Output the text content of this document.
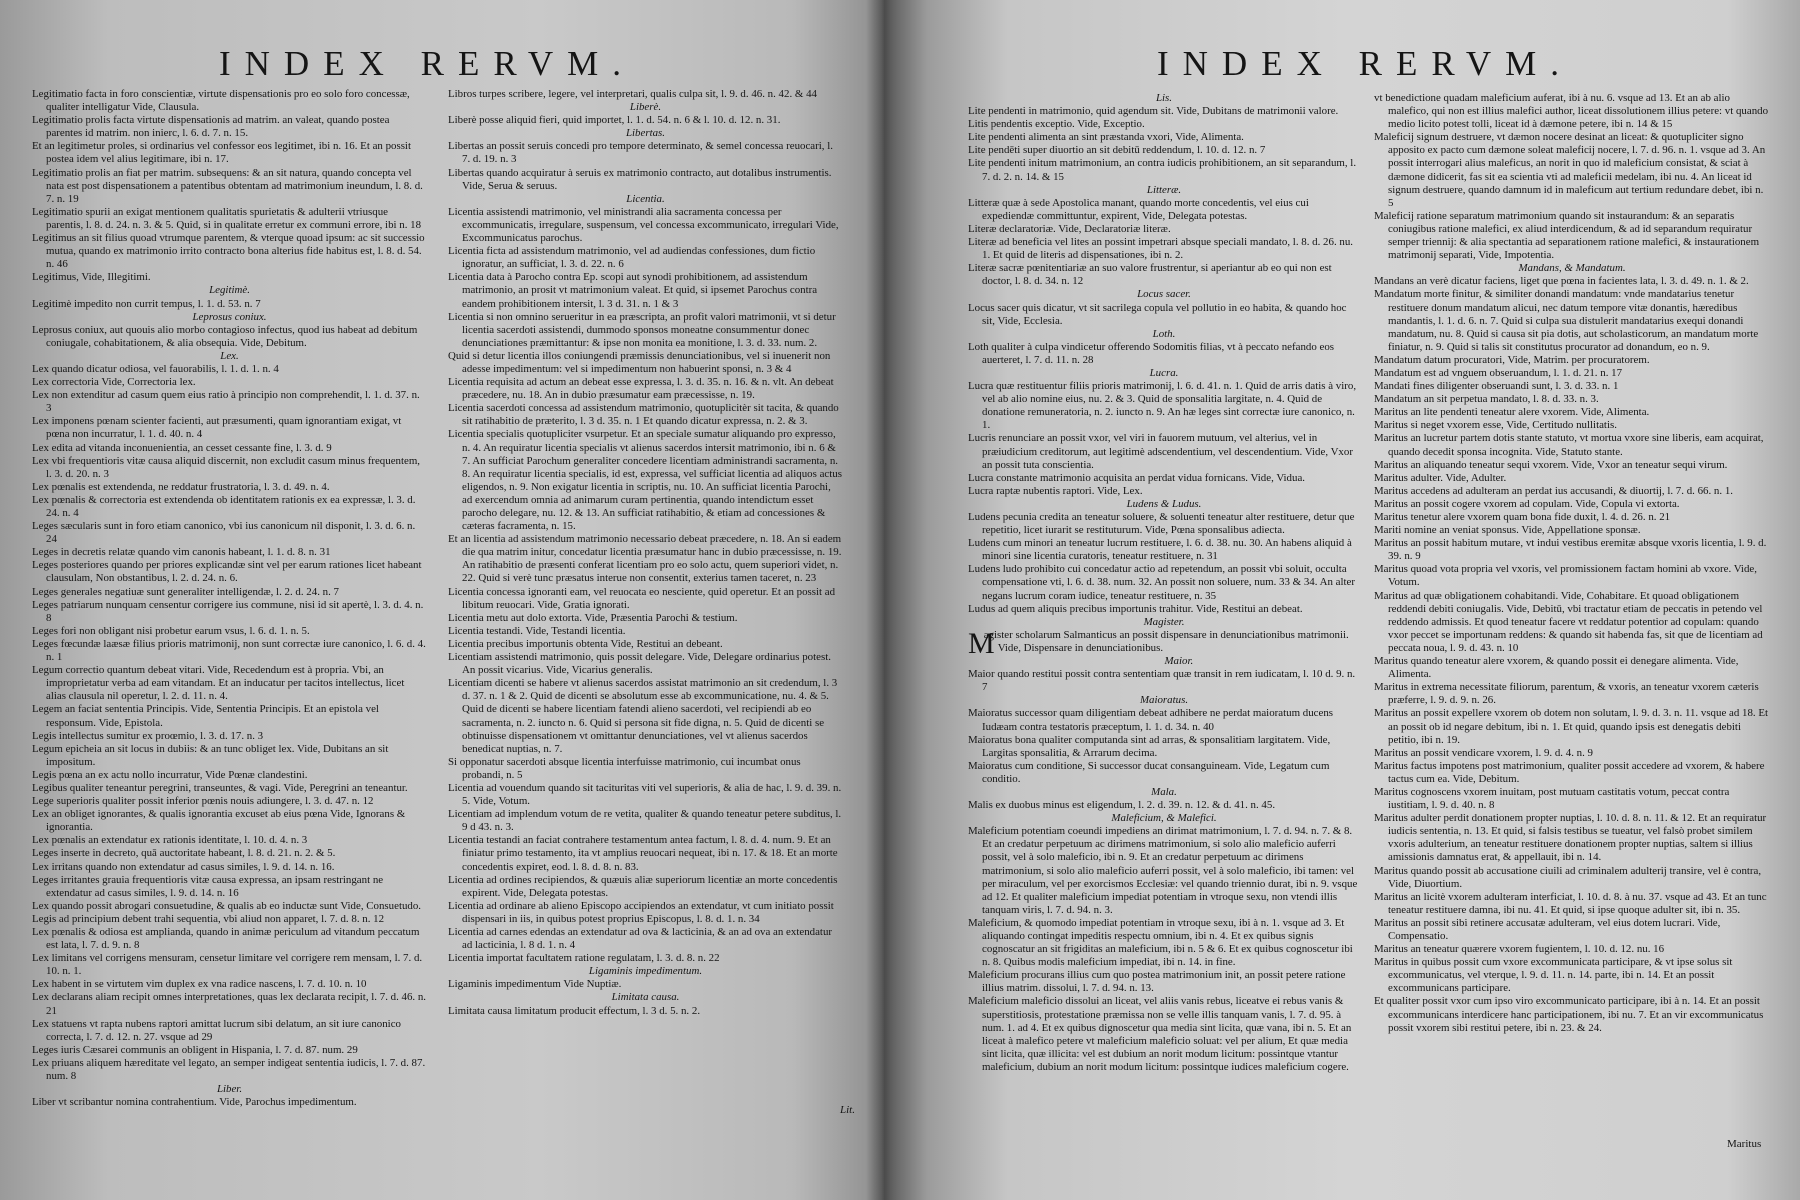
INDEX RERVM.
Legitimatio facta in foro conscientiæ, virtute dispensationis pro eo solo foro concessæ, qualiter intelligatur Vide, Clausula.
Legitimatio prolis facta virtute dispensationis ad matrim. an valeat, quando postea parentes id matrim. non inierc, l. 6. d. 7. n. 15.
Et an legitimetur proles, si ordinarius vel confessor eos legitimet, ibi n. 16. Et an possit postea idem vel alius legitimare, ibi n. 17.
Legitimatio prolis an fiat per matrim. subsequens: & an sit natura, quando concepta vel nata est post dispensationem a patentibus obtentam ad matrimonium ineundum, l. 8. d. 7. n. 19
Legitimatio spurii an exigat mentionem qualitatis spurietatis & adulterii vtriusque parentis, l. 8. d. 24. n. 3. & 5. Quid, si in qualitate erretur ex communi errore, ibi n. 18
Legitimus an sit filius quoad vtrumque parentem, & vterque quoad ipsum: ac sit successio mutua, quando ex matrimonio irrito contracto bona alterius fide habitus est, l. 8. d. 54. n. 46
Legitimus, Vide, Illegitimi.
Legitimè.
Legitimè impedito non currit tempus, l. 1. d. 53. n. 7
Leprosus coniux.
Leprosus coniux, aut quouis alio morbo contagioso infectus, quod ius habeat ad debitum coniugale, cohabitationem, & alia obsequia. Vide, Debitum.
Lex.
Lex quando dicatur odiosa, vel fauorabilis, l. 1. d. 1. n. 4
Lex correctoria Vide, Correctoria lex.
Lex non extenditur ad casum quem eius ratio à principio non comprehendit, l. 1. d. 37. n. 3
Lex imponens pœnam scienter facienti, aut præsumenti, quam ignorantiam exigat, vt pœna non incurratur, l. 1. d. 40. n. 4
Lex edita ad vitanda inconuenientia, an cesset cessante fine, l. 3. d. 9
Lex vbi frequentioris vitæ causa aliquid discernit, non excludit casum minus frequentem, l. 3. d. 20. n. 3
Lex pœnalis est extendenda, ne reddatur frustratoria, l. 3. d. 49. n. 4.
Lex pœnalis & correctoria est extendenda ob identitatem rationis ex ea expressæ, l. 3. d. 24. n. 4
Leges sæcularis sunt in foro etiam canonico, vbi ius canonicum nil disponit, l. 3. d. 6. n. 24
Leges in decretis relatæ quando vim canonis habeant, l. 1. d. 8. n. 31
Leges posteriores quando per priores explicandæ sint vel per earum rationes licet habeant clausulam, Non obstantibus, l. 2. d. 24. n. 6.
Leges generales negatiuæ sunt generaliter intelligendæ, l. 2. d. 24. n. 7
Leges patriarum nunquam censentur corrigere ius commune, nisi id sit apertè, l. 3. d. 4. n. 8
Leges fori non obligant nisi probetur earum vsus, l. 6. d. 1. n. 5.
Leges fœcundæ laæsæ filius prioris matrimonij, non sunt correctæ iure canonico, l. 6. d. 4. n. 1
Legum correctio quantum debeat vitari. Vide, Recedendum est à propria. Vbi, an improprietatur verba ad eam vitandam. Et an inducatur per tacitos intellectus, licet alias clausula nil operetur, l. 2. d. 11. n. 4.
Legem an faciat sententia Principis. Vide, Sententia Principis. Et an epistola vel responsum. Vide, Epistola.
Legis intellectus sumitur ex proœmio, l. 3. d. 17. n. 3
Legum epicheia an sit locus in dubiis: & an tunc obliget lex. Vide, Dubitans an sit impositum.
Legis pœna an ex actu nollo incurratur, Vide Pœnæ clandestini.
Legibus qualiter teneantur peregrini, transeuntes, & vagi. Vide, Peregrini an teneantur.
Lege superioris qualiter possit inferior pœnis nouis adiungere, l. 3. d. 47. n. 12
Lex an obliget ignorantes, & qualis ignorantia excuset ab eius pœna Vide, Ignorans & ignorantia.
Lex pœnalis an extendatur ex rationis identitate, l. 10. d. 4. n. 3
Leges inserte in decreto, quā auctoritate habeant, l. 8. d. 21. n. 2. & 5.
Lex irritans quando non extendatur ad casus similes, l. 9. d. 14. n. 16.
Leges irritantes grauia frequentioris vitæ causa expressa, an ipsam restringant ne extendatur ad casus similes, l. 9. d. 14. n. 16
Lex quando possit abrogari consuetudine, & qualis ab eo inductæ sunt Vide, Consuetudo.
Legis ad principium debent trahi sequentia, vbi aliud non apparet, l. 7. d. 8. n. 12
Lex pœnalis & odiosa est amplianda, quando in animæ periculum ad vitandum peccatum est lata, l. 7. d. 9. n. 8
Lex limitans vel corrigens mensuram, censetur limitare vel corrigere rem mensam, l. 7. d. 10. n. 1.
Lex habent in se virtutem vim duplex ex vna radice nascens, l. 7. d. 10. n. 10
Lex declarans aliam recipit omnes interpretationes, quas lex declarata recipit, l. 7. d. 46. n. 21
Lex statuens vt rapta nubens raptori amittat lucrum sibi delatum, an sit iure canonico correcta, l. 7. d. 12. n. 27. vsque ad 29
Leges iuris Cæsarei communis an obligent in Hispania, l. 7. d. 87. num. 29
Lex priuans aliquem hæreditate vel legato, an semper indigeat sententia iudicis, l. 7. d. 87. num. 8
Liber.
Liber vt scribantur nomina contrahentium. Vide, Parochus impedimentum.
Libros turpes scribere, legere, vel interpretari, qualis culpa sit, l. 9. d. 46. n. 42. & 44
Liberè.
Liberè posse aliquid fieri, quid importet, l. 1. d. 54. n. 6 & l. 10. d. 12. n. 31.
Libertas.
Libertas an possit seruis concedi pro tempore determinato, & semel concessa reuocari, l. 7. d. 19. n. 3
Libertas quando acquiratur à seruis ex matrimonio contracto, aut dotalibus instrumentis. Vide, Serua & seruus.
Licentia.
Licentia assistendi matrimonio, vel ministrandi alia sacramenta concessa per excommunicatis, irregulare, suspensum, vel concessa excommunicato, irregulari Vide, Excommunicatus parochus.
Licentia ficta ad assistendum matrimonio, vel ad audiendas confessiones, dum fictio ignoratur, an sufficiat, l. 3. d. 22. n. 6
Licentia data à Parocho contra Ep. scopi aut synodi prohibitionem, ad assistendum matrimonio, an prosit vt matrimonium valeat. Et quid, si ipsemet Parochus contra eandem prohibitionem intersit, l. 3 d. 31. n. 1 & 3
Licentia si non omnino serueritur in ea præscripta, an profit valori matrimonii, vt si detur licentia sacerdoti assistendi, dummodo sponsos moneatne consummentur donec denunciationes præmittantur: & ipse non monita ea monitione, l. 3. d. 33. num. 2.
Quid si detur licentia illos coniungendi præmissis denunciationibus, vel si inuenerit non adesse impedimentum: vel si impedimentum non habuerint sponsi, n. 3 & 4
Licentia requisita ad actum an debeat esse expressa, l. 3. d. 35. n. 16. & n. vlt. An debeat præcedere, nu. 18. An in dubio præsumatur eam præcessisse, n. 19.
Licentia sacerdoti concessa ad assistendum matrimonio, quotuplicitèr sit tacita, & quando sit ratihabitio de præterito, l. 3 d. 35. n. 1 Et quando dicatur expressa, n. 2. & 3.
Licentia specialis quotupliciter vsurpetur. Et an speciale sumatur aliquando pro expresso, n. 4. An requiratur licentia specialis vt alienus sacerdos intersit matrimonio, ibi n. 6 & 7. An sufficiat Parochum generaliter concedere licentiam administrandi sacramenta, n. 8. An requiratur licentia specialis, id est, expressa, vel sufficiat licentia ad aliquos actus eligendos, n. 9. Non exigatur licentia in scriptis, nu. 10. An sufficiat licentia Parochi, ad exercendum omnia ad animarum curam pertinentia, quando intendictum esset parocho delegare, nu. 12. & 13. An sufficiat ratihabitio, & etiam ad concessiones & cæteras facramenta, n. 15.
Et an licentia ad assistendum matrimonio necessario debeat præcedere, n. 18. An si eadem die qua matrim initur, concedatur licentia præsumatur hanc in dubio præcessisse, n. 19. An ratihabitio de præsenti conferat licentiam pro eo solo actu, quem superiori videt, n. 22. Quid si verè tunc præsatus interue non consentit, exterius tamen taceret, n. 23
Licentia concessa ignoranti eam, vel reuocata eo nesciente, quid operetur. Et an possit ad libitum reuocari. Vide, Gratia ignorati.
Licentia metu aut dolo extorta. Vide, Præsentia Parochi & testium.
Licentia testandi. Vide, Testandi licentia.
Licentia precibus importunis obtenta Vide, Restitui an debeant.
Licentiam assistendi matrimonio, quis possit delegare. Vide, Delegare ordinarius potest. An possit vicarius. Vide, Vicarius generalis.
Licentiam dicenti se habere vt alienus sacerdos assistat matrimonio an sit credendum, l. 3 d. 37. n. 1 & 2. Quid de dicenti se absolutum esse ab excommunicatione, nu. 4. & 5. Quid de dicenti se habere licentiam fatendi alieno sacerdoti, vel recipiendi ab eo sacramenta, n. 2. iuncto n. 6. Quid si persona sit fide digna, n. 5. Quid de dicenti se obtinuisse dispensationem vt omittantur denunciationes, vel vt alienus sacerdos benedicat nuptias, n. 7.
Si opponatur sacerdoti absque licentia interfuisse matrimonio, cui incumbat onus probandi, n. 5
Licentia ad vouendum quando sit tacituritas viti vel superioris, & alia de hac, l. 9. d. 39. n. 5. Vide, Votum.
Licentiam ad implendum votum de re vetita, qualiter & quando teneatur petere subditus, l. 9 d 43. n. 3.
Licentia testandi an faciat contrahere testamentum antea factum, l. 8. d. 4. num. 9. Et an finiatur primo testamento, ita vt amplius reuocari nequeat, ibi n. 17. & 18. Et an morte concedentis expiret, eod. l. 8. d. 8. n. 83.
Licentia ad ordines recipiendos, & quæuis aliæ superiorum licentiæ an morte concedentis expirent. Vide, Delegata potestas.
Licentia ad ordinare ab alieno Episcopo accipiendos an extendatur, vt cum initiato possit dispensari in iis, in quibus potest proprius Episcopus, l. 8. d. 1. n. 34
Licentia ad carnes edendas an extendatur ad ova & lacticinia, & an ad ova an extendatur ad lacticinia, l. 8 d. 1. n. 4
Licentia importat facultatem ratione regulatam, l. 3. d. 8. n. 22
Ligaminis impedimentum.
Ligaminis impedimentum Vide Nuptiæ.
Limitata causa.
Limitata causa limitatum producit effectum, l. 3 d. 5. n. 2.
Lit.
INDEX RERVM.
Lis.
Lite pendenti in matrimonio, quid agendum sit. Vide, Dubitans de matrimonii valore.
Litis pendentis exceptio. Vide, Exceptio.
Lite pendenti alimenta an sint præstanda vxori, Vide, Alimenta.
Lite pendēti super diuortio an sit debitū reddendum, l. 10. d. 12. n. 7
Lite pendenti initum matrimonium, an contra iudicis prohibitionem, an sit separandum, l. 7. d. 2. n. 14. & 15
Litteræ.
Litteræ quæ à sede Apostolica manant, quando morte concedentis, vel eius cui expediendæ committuntur, expirent, Vide, Delegata potestas.
Literæ declaratoriæ. Vide, Declaratoriæ literæ.
Literæ ad beneficia vel lites an possint impetrari absque speciali mandato, l. 8. d. 26. nu. 1. Et quid de literis ad dispensationes, ibi n. 2.
Literæ sacræ pœnitentiariæ an suo valore frustrentur, si aperiantur ab eo qui non est doctor, l. 8. d. 34. n. 12
Locus sacer.
Locus sacer quis dicatur, vt sit sacrilega copula vel pollutio in eo habita, & quando hoc sit, Vide, Ecclesia.
Loth.
Loth qualiter à culpa vindicetur offerendo Sodomitis filias, vt à peccato nefando eos auerteret, l. 7. d. 11. n. 28
Lucra.
Lucra quæ restituentur filiis prioris matrimonij, l. 6. d. 41. n. 1. Quid de arris datis à viro, vel ab alio nomine eius, nu. 2. & 3. Quid de sponsalitia largitate, n. 4. Quid de donatione remuneratoria, n. 2. iuncto n. 9. An hæ leges sint correctæ iure canonico, n. 1.
Lucris renunciare an possit vxor, vel viri in fauorem mutuum, vel alterius, vel in præiudicium creditorum, aut legitimè adscendentium, vel descendentium. Vide, Vxor an possit tuta conscientia.
Lucra constante matrimonio acquisita an perdat vidua fornicans. Vide, Vidua.
Lucra raptæ nubentis raptori. Vide, Lex.
Ludens & Ludus.
Ludens pecunia credita an teneatur soluere, & soluenti teneatur alter restituere, detur que repetitio, licet iurarit se restituturum. Vide, Pœna sponsalibus adiecta.
Ludens cum minori an teneatur lucrum restituere, l. 6. d. 38. nu. 30. An habens aliquid à minori sine licentia curatoris, teneatur restituere, n. 31
Ludens ludo prohibito cui concedatur actio ad repetendum, an possit vbi soluit, occulta compensatione vti, l. 6. d. 38. num. 32. An possit non soluere, num. 33 & 34. An alter negans lucrum coram iudice, teneatur restituere, n. 35
Ludus ad quem aliquis precibus importunis trahitur. Vide, Restitui an debeat.
Magister.
M
agister scholarum Salmanticus an possit dispensare in denunciationibus matrimonii. Vide, Dispensare in denunciationibus.
Maior.
Maior quando restitui possit contra sententiam quæ transit in rem iudicatam, l. 10 d. 9. n. 7
Maioratus.
Maioratus successor quam diligentiam debeat adhibere ne perdat maioratum ducens Iudæam contra testatoris præceptum, l. 1. d. 34. n. 40
Maioratus bona qualiter computanda sint ad arras, & sponsalitiam largitatem. Vide, Largitas sponsalitia, & Arrarum decima.
Maioratus cum conditione, Si successor ducat consanguineam. Vide, Legatum cum conditio.
Mala.
Malis ex duobus minus est eligendum, l. 2. d. 39. n. 12. & d. 41. n. 45.
Maleficium, & Malefici.
Maleficium potentiam coeundi impediens an dirimat matrimonium, l. 7. d. 94. n. 7. & 8. Et an credatur perpetuum ac dirimens matrimonium, si solo alio maleficio auferri possit, vel à solo maleficio, ibi n. 9. Et an credatur perpetuum ac dirimens matrimonium, si solo alio maleficio auferri possit, vel à solo maleficio, ibi tamen: vel per miraculum, vel per exorcismos Ecclesiæ: vel quando triennio durat, ibi n. 9. vsque ad 12. Et qualiter maleficium impediat potentiam in vtroque sexu, non vtendi illis tanquam viris, l. 7. d. 94. n. 3.
Maleficium, & quomodo impediat potentiam in vtroque sexu, ibi à n. 1. vsque ad 3. Et aliquando contingat impeditis respectu omnium, ibi n. 4. Et ex quibus signis cognoscatur an sit frigiditas an maleficium, ibi n. 5 & 6. Et ex quibus cognoscetur ibi n. 8. Quibus modis maleficium impediat, ibi n. 14. in fine.
Maleficium procurans illius cum quo postea matrimonium init, an possit petere ratione illius matrim. dissolui, l. 7. d. 94. n. 13.
Maleficium maleficio dissolui an liceat, vel aliis vanis rebus, liceatve ei rebus vanis & superstitiosis, protestatione præmissa non se velle illis tanquam vanis, l. 7. d. 95. à num. 1. ad 4. Et ex quibus dignoscetur qua media sint licita, quæ vana, ibi n. 5. Et an liceat à malefico petere vt maleficium maleficio soluat: vel per alium, Et quæ media sint licita, quæ illicita: vel est dubium an norit modum licitum: possintque vtantur maleficium, dubium an norit modum licitum: possintque iudices maleficium cogere.
vt benedictione quadam maleficium auferat, ibi à nu. 6. vsque ad 13. Et an ab alio malefico, qui non est illius malefici author, liceat dissolutionem illius petere: vt quando medio licito potest tolli, liceat id à dæmone petere, ibi n. 14 & 15
Maleficij signum destruere, vt dæmon nocere desinat an liceat: & quotupliciter signo apposito ex pacto cum dæmone soleat maleficij nocere, l. 7. d. 96. n. 1. vsque ad 3. An possit interrogari alius maleficus, an norit in quo id maleficium consistat, & sciat à dæmone didicerit, fas sit ea scientia vti ad maleficii medelam, ibi nu. 4. An liceat id signum destruere, quando damnum id in maleficum aut tertium redundare debet, ibi n. 5
Maleficij ratione separatum matrimonium quando sit instaurandum: & an separatis coniugibus ratione malefici, ex aliud interdicendum, & ad id separandum requiratur semper triennij: & alia spectantia ad separationem ratione malefici, & instaurationem matrimonij separati, Vide, Impotentia.
Mandans, & Mandatum.
Mandans an verè dicatur faciens, liget que pœna in facientes lata, l. 3. d. 49. n. 1. & 2.
Mandatum morte finitur, & similiter donandi mandatum: vnde mandatarius tenetur restituere donum mandatum alicui, nec datum tempore vitæ donantis, hæredibus mandantis, l. 1. d. 6. n. 7. Quid si culpa sua distulerit mandatarius exequi donandi mandatum, nu. 8. Quid si causa sit pia dotis, aut scholasticorum, an mandatum morte finiatur, n. 9. Quid si talis sit constitutus procurator ad donandum, eo n. 9.
Mandatum datum procuratori, Vide, Matrim. per procuratorem.
Mandatum est ad vnguem obseruandum, l. 1. d. 21. n. 17
Mandati fines diligenter obseruandi sunt, l. 3. d. 33. n. 1
Mandatum an sit perpetua mandato, l. 8. d. 33. n. 3.
Maritus an lite pendenti teneatur alere vxorem. Vide, Alimenta.
Maritus si neget vxorem esse, Vide, Certitudo nullitatis.
Maritus an lucretur partem dotis stante statuto, vt mortua vxore sine liberis, eam acquirat, quando decedit sponsa incognita. Vide, Statuto stante.
Maritus an aliquando teneatur sequi vxorem. Vide, Vxor an teneatur sequi virum.
Maritus adulter. Vide, Adulter.
Maritus accedens ad adulteram an perdat ius accusandi, & diuortij, l. 7. d. 66. n. 1.
Maritus an possit cogere vxorem ad copulam. Vide, Copula vi extorta.
Maritus tenetur alere vxorem quam bona fide duxit, l. 4. d. 26. n. 21
Mariti nomine an veniat sponsus. Vide, Appellatione sponsæ.
Maritus an possit habitum mutare, vt indui vestibus eremitæ absque vxoris licentia, l. 9. d. 39. n. 9
Maritus quoad vota propria vel vxoris, vel promissionem factam homini ab vxore. Vide, Votum.
Maritus ad quæ obligationem cohabitandi. Vide, Cohabitare. Et quoad obligationem reddendi debiti coniugalis. Vide, Debitū, vbi tractatur etiam de peccatis in petendo vel reddendo admissis. Et quod teneatur facere vt reddatur potentior ad copulam: quando vxor peccet se importunam reddens: & quando sit habenda fas, sit que de licentiam ad peccata noua, l. 9. d. 43. n. 10
Maritus quando teneatur alere vxorem, & quando possit ei denegare alimenta. Vide, Alimenta.
Maritus in extrema necessitate filiorum, parentum, & vxoris, an teneatur vxorem cæteris præferre, l. 9. d. 9. n. 26.
Maritus an possit expellere vxorem ob dotem non solutam, l. 9. d. 3. n. 11. vsque ad 18. Et an possit ob id negare debitum, ibi n. 1. Et quid, quando ipsis est denegatis debiti petitio, ibi n. 19.
Maritus an possit vendicare vxorem, l. 9. d. 4. n. 9
Maritus factus impotens post matrimonium, qualiter possit accedere ad vxorem, & habere tactus cum ea. Vide, Debitum.
Maritus cognoscens vxorem inuitam, post mutuam castitatis votum, peccat contra iustitiam, l. 9. d. 40. n. 8
Maritus adulter perdit donationem propter nuptias, l. 10. d. 8. n. 11. & 12. Et an requiratur iudicis sententia, n. 13. Et quid, si falsis testibus se tueatur, vel falsò probet similem vxoris adulterium, an teneatur restituere donationem propter nuptias, saltem si illius amissionis damnatus erat, & appellauit, ibi n. 14.
Maritus quando possit ab accusatione ciuili ad criminalem adulterij transire, vel è contra, Vide, Diuortium.
Maritus an licitè vxorem adulteram interficiat, l. 10. d. 8. à nu. 37. vsque ad 43. Et an tunc teneatur restituere damna, ibi nu. 41. Et quid, si ipse quoque adulter sit, ibi n. 35.
Maritus an possit sibi retinere accusatæ adulteram, vel eius dotem lucrari. Vide, Compensatio.
Maritus an teneatur quærere vxorem fugientem, l. 10. d. 12. nu. 16
Maritus in quibus possit cum vxore excommunicata participare, & vt ipse solus sit excommunicatus, vel vterque, l. 9. d. 11. n. 14. parte, ibi n. 14. Et an possit excommunicans participare.
Et qualiter possit vxor cum ipso viro excommunicato participare, ibi à n. 14. Et an possit excommunicans interdicere hanc participationem, ibi nu. 7. Et an vir excommunicatus possit vxorem sibi restitui petere, ibi n. 23. & 24.
Maritus
